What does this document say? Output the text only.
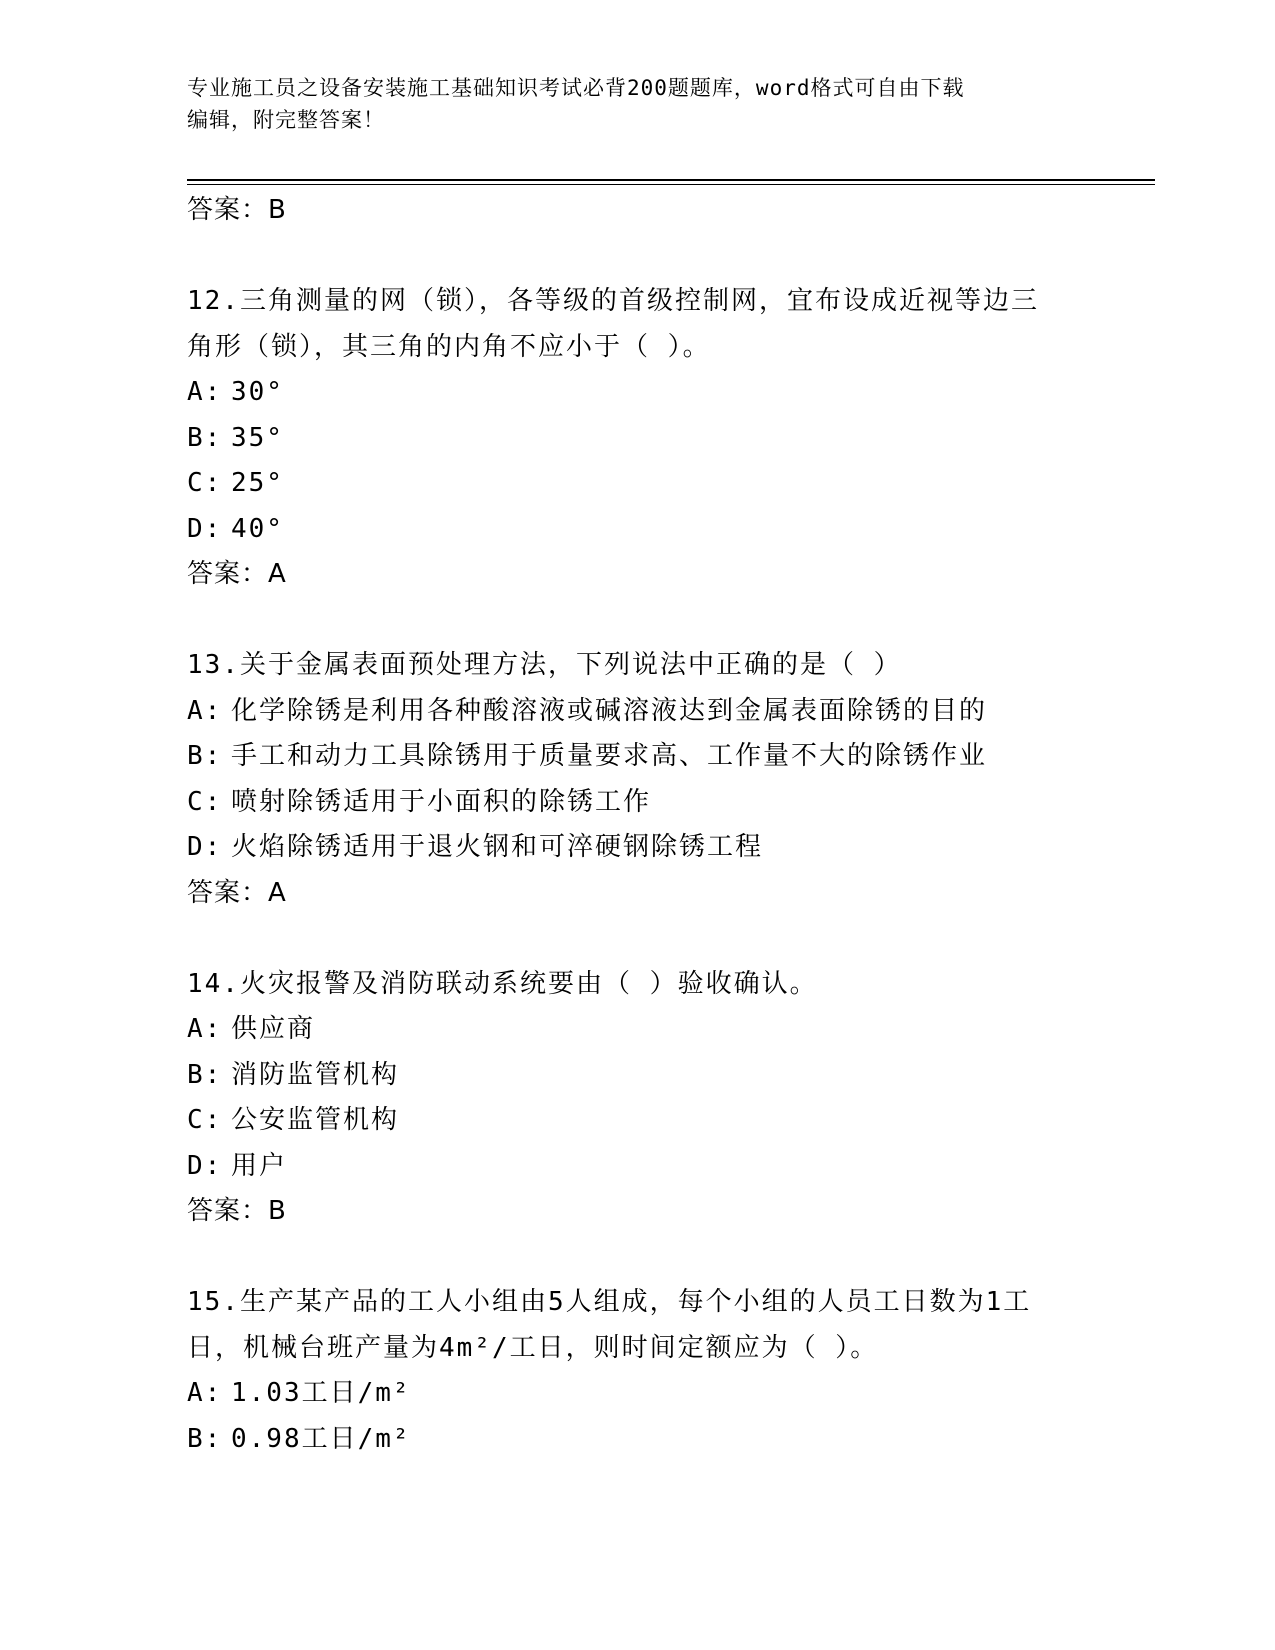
专业施工员之设备安装施工基础知识考试必背200题题库，word格式可自由下载
编辑，附完整答案！
答案：B
12.三角测量的网（锁），各等级的首级控制网，宜布设成近视等边三
角形（锁），其三角的内角不应小于（ ）。
A: 30°
B: 35°
C: 25°
D: 40°
答案：A
13.关于金属表面预处理方法，下列说法中正确的是（ ）
A: 化学除锈是利用各种酸溶液或碱溶液达到金属表面除锈的目的
B: 手工和动力工具除锈用于质量要求高、工作量不大的除锈作业
C: 喷射除锈适用于小面积的除锈工作
D: 火焰除锈适用于退火钢和可淬硬钢除锈工程
答案：A
14.火灾报警及消防联动系统要由（ ）验收确认。
A: 供应商
B: 消防监管机构
C: 公安监管机构
D: 用户
答案：B
15.生产某产品的工人小组由5人组成，每个小组的人员工日数为1工
日，机械台班产量为4m²/工日，则时间定额应为（ ）。
A: 1.03工日/m²
B: 0.98工日/m²
